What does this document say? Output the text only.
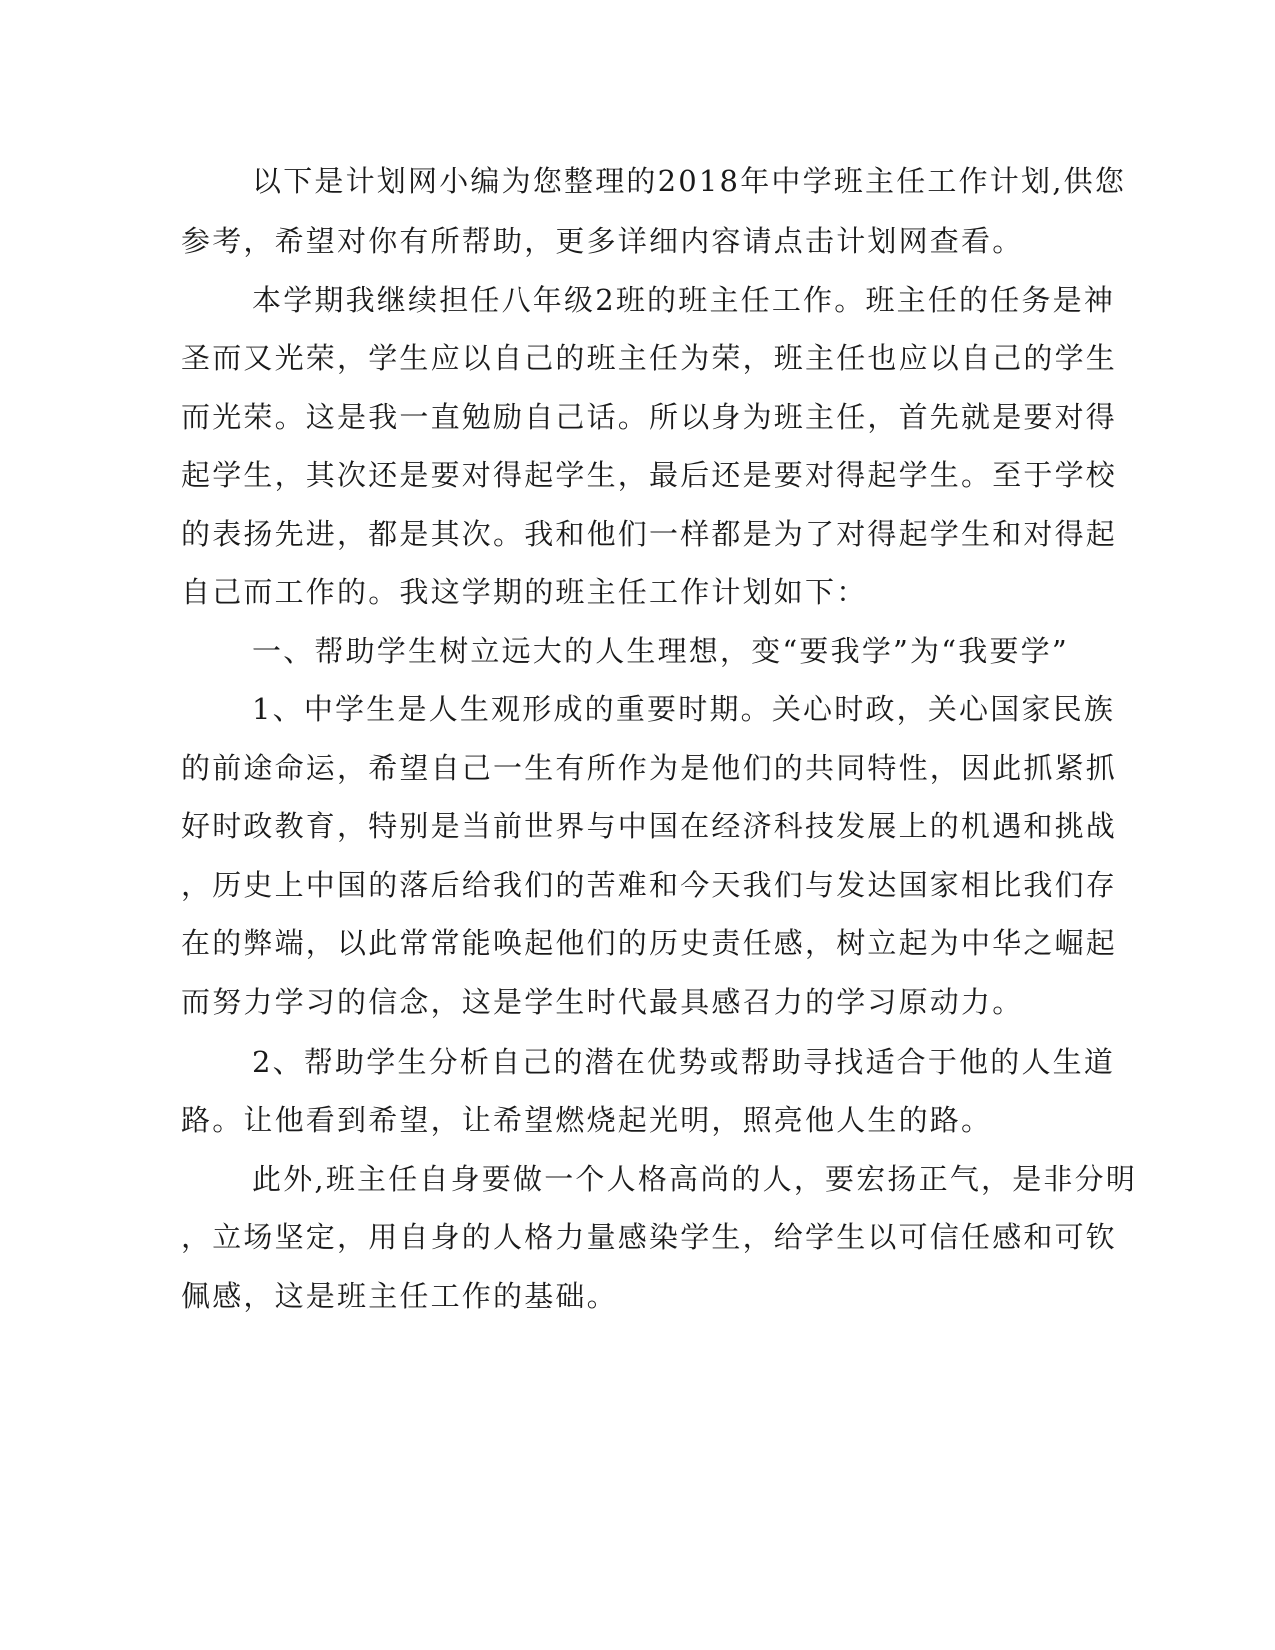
以下是计划网小编为您整理的2018年中学班主任工作计划,供您

参考，希望对你有所帮助，更多详细内容请点击计划网查看。

本学期我继续担任八年级2班的班主任工作。班主任的任务是神

圣而又光荣，学生应以自己的班主任为荣，班主任也应以自己的学生

而光荣。这是我一直勉励自己话。所以身为班主任，首先就是要对得

起学生，其次还是要对得起学生，最后还是要对得起学生。至于学校

的表扬先进，都是其次。我和他们一样都是为了对得起学生和对得起

自己而工作的。我这学期的班主任工作计划如下：

一、帮助学生树立远大的人生理想，变“要我学”为“我要学”

1、中学生是人生观形成的重要时期。关心时政，关心国家民族

的前途命运，希望自己一生有所作为是他们的共同特性，因此抓紧抓

好时政教育，特别是当前世界与中国在经济科技发展上的机遇和挑战

，历史上中国的落后给我们的苦难和今天我们与发达国家相比我们存

在的弊端，以此常常能唤起他们的历史责任感，树立起为中华之崛起

而努力学习的信念，这是学生时代最具感召力的学习原动力。

2、帮助学生分析自己的潜在优势或帮助寻找适合于他的人生道

路。让他看到希望，让希望燃烧起光明，照亮他人生的路。

此外,班主任自身要做一个人格高尚的人，要宏扬正气，是非分明

，立场坚定，用自身的人格力量感染学生，给学生以可信任感和可钦

佩感，这是班主任工作的基础。
